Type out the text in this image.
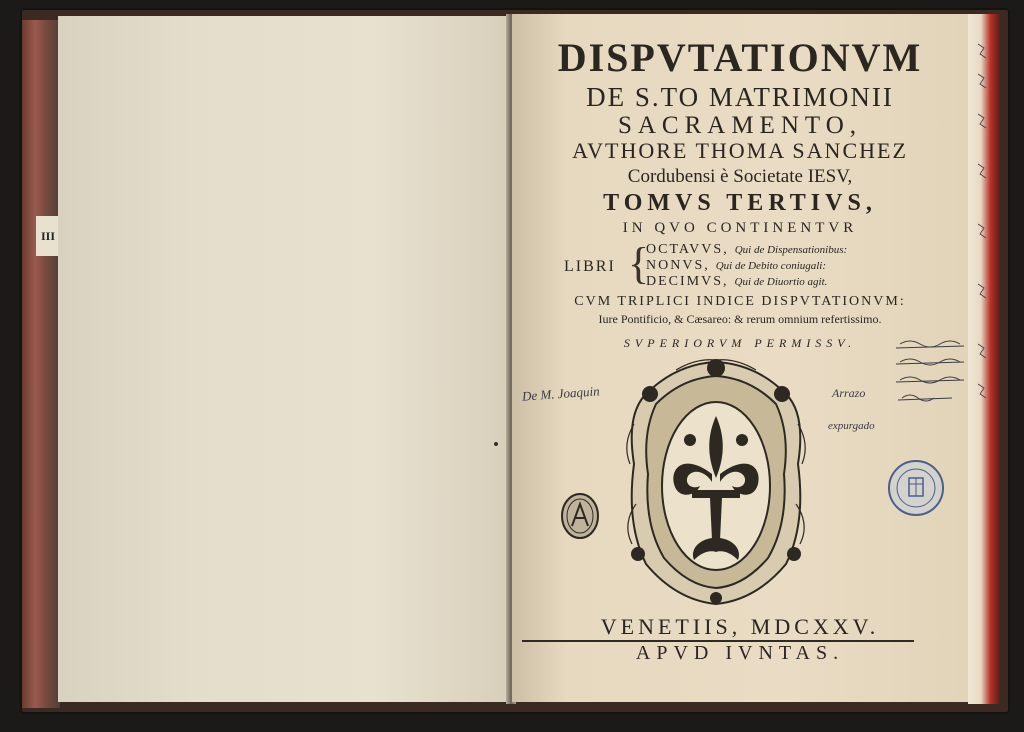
III
DISPVTATIONVM
DE S.TO MATRIMONII
SACRAMENTO,
AVTHORE THOMA SANCHEZ
Cordubensi è Societate IESV,
TOMVS TERTIVS,
IN QVO CONTINENTVR
LIBRI {
OCTAVVS, Qui de Dispensationibus:
NONVS, Qui de Debito coniugali:
DECIMVS, Qui de Diuortio agit.
CVM TRIPLICI INDICE DISPVTATIONVM:
Iure Pontificio, & Cæsareo: & rerum omnium refertissimo.
SVPERIORVM PERMISSV.
De M. Joaquin	Arrazo
expurgado
VENETIIS, MDCXXV.
APVD IVNTAS.
